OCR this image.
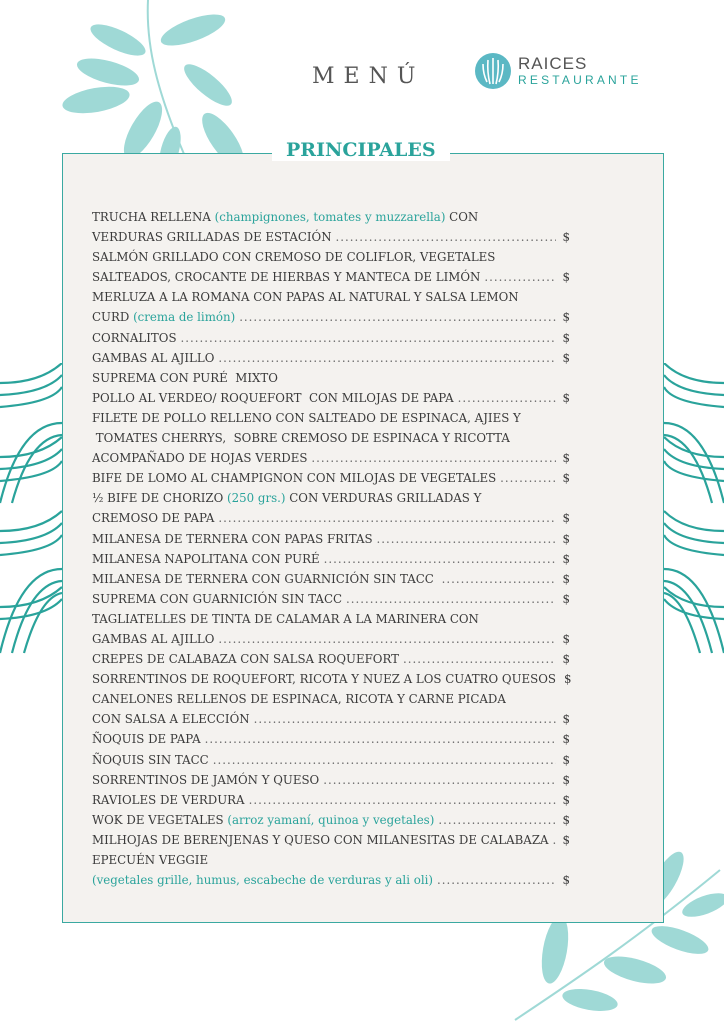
MENÚ
RAICES
RESTAURANTE
PRINCIPALES
TRUCHA RELLENA (champignones, tomates y muzzarella) CON
VERDURAS GRILLADAS DE ESTACIÓN .....	$
SALMÓN GRILLADO CON CREMOSO DE COLIFLOR, VEGETALES
SALTEADOS, CROCANTE DE HIERBAS Y MANTECA DE LIMÓN .....	$
MERLUZA A LA ROMANA CON PAPAS AL NATURAL Y SALSA LEMON
CURD (crema de limón) .....	$
CORNALITOS .....	$
GAMBAS AL AJILLO .....	$
SUPREMA CON PURÉ  MIXTO
POLLO AL VERDEO/ ROQUEFORT  CON MILOJAS DE PAPA .....	$
FILETE DE POLLO RELLENO CON SALTEADO DE ESPINACA, AJIES Y
TOMATES CHERRYS,  SOBRE CREMOSO DE ESPINACA Y RICOTTA
ACOMPAÑADO DE HOJAS VERDES .....	$
BIFE DE LOMO AL CHAMPIGNON CON MILOJAS DE VEGETALES .....	$
½ BIFE DE CHORIZO (250 grs.) CON VERDURAS GRILLADAS Y
CREMOSO DE PAPA .....	$
MILANESA DE TERNERA CON PAPAS FRITAS .....	$
MILANESA NAPOLITANA CON PURÉ .....	$
MILANESA DE TERNERA CON GUARNICIÓN SIN TACC .....	$
SUPREMA CON GUARNICIÓN SIN TACC .....	$
TAGLIATELLES DE TINTA DE CALAMAR A LA MARINERA CON
GAMBAS AL AJILLO .....	$
CREPES DE CALABAZA CON SALSA ROQUEFORT .....	$
SORRENTINOS DE ROQUEFORT, RICOTA Y NUEZ A LOS CUATRO QUESOS $
CANELONES RELLENOS DE ESPINACA, RICOTA Y CARNE PICADA
CON SALSA A ELECCIÓN .....	$
ÑOQUIS DE PAPA .....	$
ÑOQUIS SIN TACC .....	$
SORRENTINOS DE JAMÓN Y QUESO .....	$
RAVIOLES DE VERDURA .....	$
WOK DE VEGETALES (arroz yamaní, quinoa y vegetales) .....	$
MILHOJAS DE BERENJENAS Y QUESO CON MILANESITAS DE CALABAZA ..... $
EPECUÉN VEGGIE
(vegetales grille, humus, escabeche de verduras y ali oli) .....	$
